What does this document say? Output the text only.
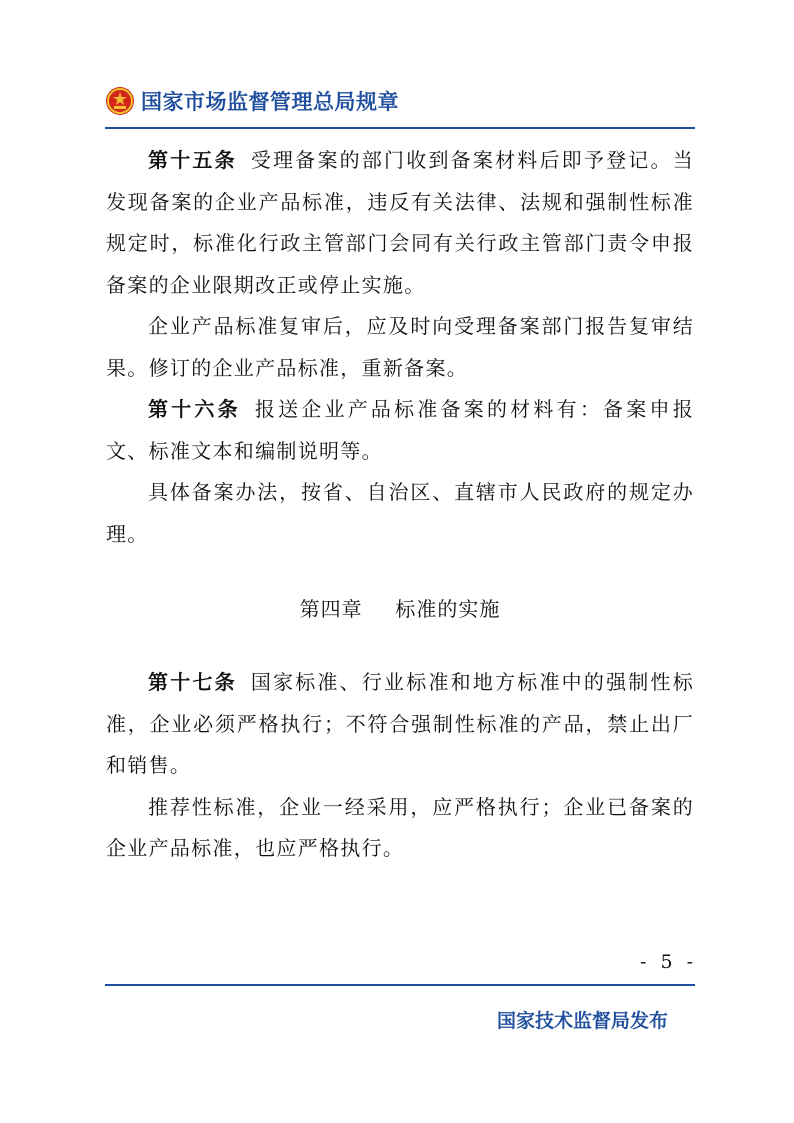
国家市场监督管理总局规章

第十五条 受理备案的部门收到备案材料后即予登记。当发现备案的企业产品标准，违反有关法律、法规和强制性标准规定时，标准化行政主管部门会同有关行政主管部门责令申报备案的企业限期改正或停止实施。

企业产品标准复审后，应及时向受理备案部门报告复审结果。修订的企业产品标准，重新备案。

第十六条 报送企业产品标准备案的材料有：备案申报文、标准文本和编制说明等。

具体备案办法，按省、自治区、直辖市人民政府的规定办理。

第四章 标准的实施

第十七条 国家标准、行业标准和地方标准中的强制性标准，企业必须严格执行；不符合强制性标准的产品，禁止出厂和销售。

推荐性标准，企业一经采用，应严格执行；企业已备案的企业产品标准，也应严格执行。

- 5 -
国家技术监督局发布
